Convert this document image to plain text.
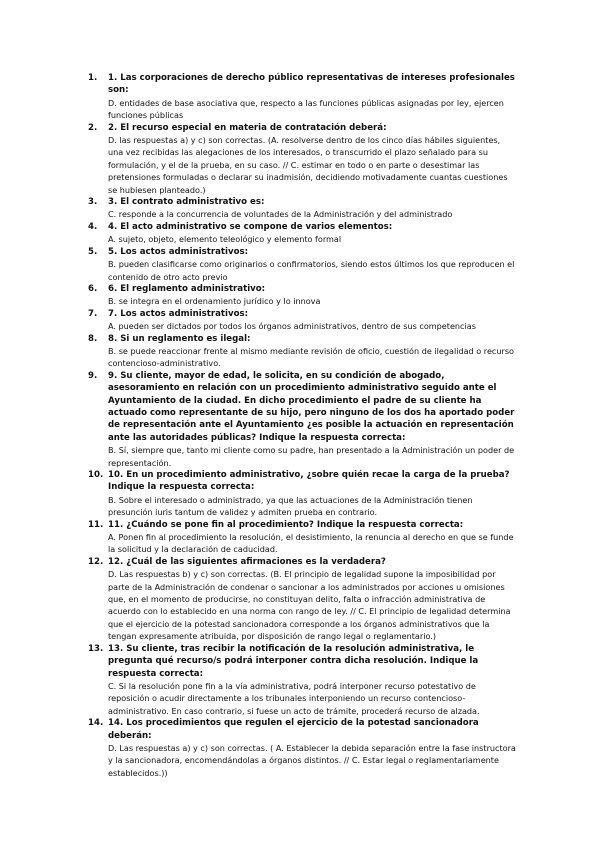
1. 1. Las corporaciones de derecho público representativas de intereses profesionales son:

D. entidades de base asociativa que, respecto a las funciones públicas asignadas por ley, ejercen funciones públicas

2. 2. El recurso especial en materia de contratación deberá:

D. las respuestas a) y c) son correctas. (A. resolverse dentro de los cinco días hábiles siguientes, una vez recibidas las alegaciones de los interesados, o transcurrido el plazo señalado para su formulación, y el de la prueba, en su caso. // C. estimar en todo o en parte o desestimar las pretensiones formuladas o declarar su inadmisión, decidiendo motivadamente cuantas cuestiones se hubiesen planteado.)

3. 3. El contrato administrativo es:

C. responde a la concurrencia de voluntades de la Administración y del administrado

4. 4. El acto administrativo se compone de varios elementos:

A. sujeto, objeto, elemento teleológico y elemento formal

5. 5. Los actos administrativos:

B. pueden clasificarse como originarios o confirmatorios, siendo estos últimos los que reproducen el contenido de otro acto previo

6. 6. El reglamento administrativo:

B. se integra en el ordenamiento jurídico y lo innova

7. 7. Los actos administrativos:

A. pueden ser dictados por todos los órganos administrativos, dentro de sus competencias

8. 8. Si un reglamento es ilegal:

B. se puede reaccionar frente al mismo mediante revisión de oficio, cuestión de ilegalidad o recurso contencioso-administrativo.

9. 9. Su cliente, mayor de edad, le solicita, en su condición de abogado, asesoramiento en relación con un procedimiento administrativo seguido ante el Ayuntamiento de la ciudad. En dicho procedimiento el padre de su cliente ha actuado como representante de su hijo, pero ninguno de los dos ha aportado poder de representación ante el Ayuntamiento ¿es posible la actuación en representación ante las autoridades públicas? Indique la respuesta correcta:

B. Sí, siempre que, tanto mi cliente como su padre, han presentado a la Administración un poder de representación.

10. 10. En un procedimiento administrativo, ¿sobre quién recae la carga de la prueba? Indique la respuesta correcta:

B. Sobre el interesado o administrado, ya que las actuaciones de la Administración tienen presunción iuris tantum de validez y admiten prueba en contrario.

11. 11. ¿Cuándo se pone fin al procedimiento? Indique la respuesta correcta:

A. Ponen fin al procedimiento la resolución, el desistimiento, la renuncia al derecho en que se funde la solicitud y la declaración de caducidad.

12. 12. ¿Cuál de las siguientes afirmaciones es la verdadera?

D. Las respuestas b) y c) son correctas. (B. El principio de legalidad supone la imposibilidad por parte de la Administración de condenar o sancionar a los administrados por acciones u omisiones que, en el momento de producirse, no constituyan delito, falta o infracción administrativa de acuerdo con lo establecido en una norma con rango de ley. // C. El principio de legalidad determina que el ejercicio de la potestad sancionadora corresponde a los órganos administrativos que la tengan expresamente atribuida, por disposición de rango legal o reglamentario.)

13. 13. Su cliente, tras recibir la notificación de la resolución administrativa, le pregunta qué recurso/s podrá interponer contra dicha resolución. Indique la respuesta correcta:

C. Si la resolución pone fin a la vía administrativa, podrá interponer recurso potestativo de reposición o acudir directamente a los tribunales interponiendo un recurso contencioso-administrativo. En caso contrario, si fuese un acto de trámite, procederá recurso de alzada.

14. 14. Los procedimientos que regulen el ejercicio de la potestad sancionadora deberán:

D. Las respuestas a) y c) son correctas. ( A. Establecer la debida separación entre la fase instructora y la sancionadora, encomendándolas a órganos distintos. // C. Estar legal o reglamentariamente establecidos.))
